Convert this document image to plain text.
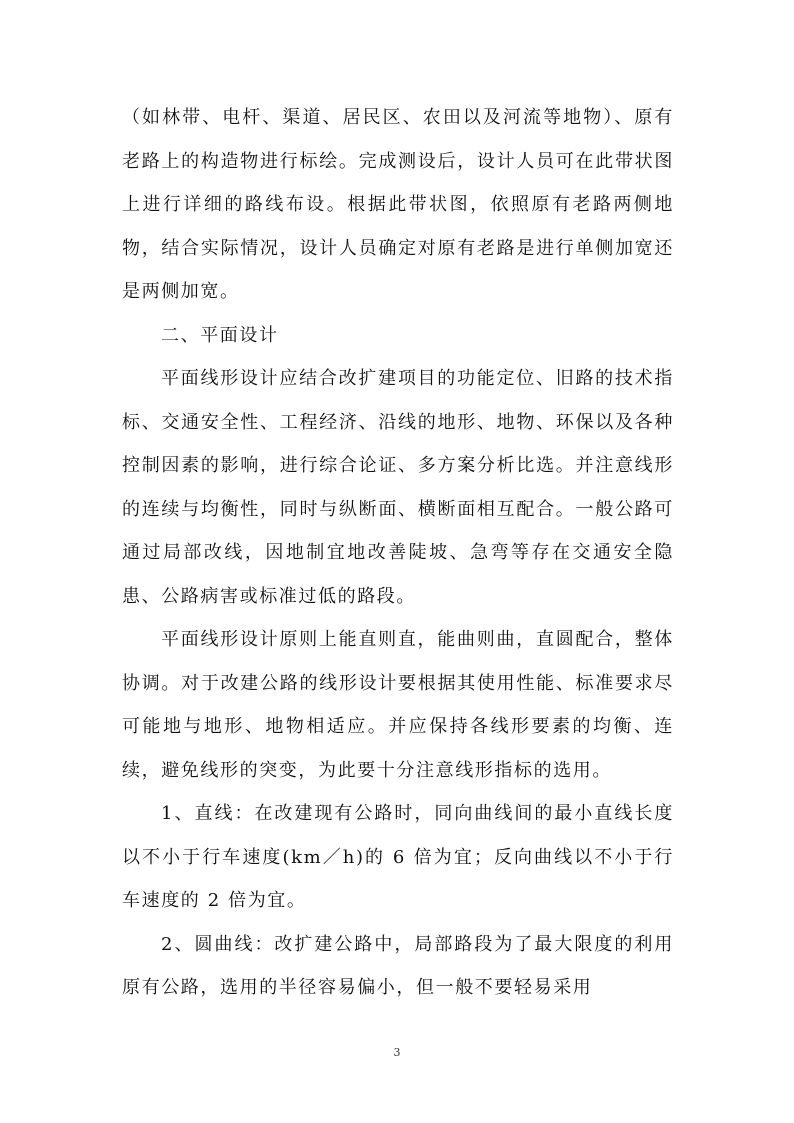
（如林带、电杆、渠道、居民区、农田以及河流等地物）、原有老路上的构造物进行标绘。完成测设后，设计人员可在此带状图上进行详细的路线布设。根据此带状图，依照原有老路两侧地物，结合实际情况，设计人员确定对原有老路是进行单侧加宽还是两侧加宽。

二、平面设计

平面线形设计应结合改扩建项目的功能定位、旧路的技术指标、交通安全性、工程经济、沿线的地形、地物、环保以及各种控制因素的影响，进行综合论证、多方案分析比选。并注意线形的连续与均衡性，同时与纵断面、横断面相互配合。一般公路可通过局部改线，因地制宜地改善陡坡、急弯等存在交通安全隐患、公路病害或标准过低的路段。

平面线形设计原则上能直则直，能曲则曲，直圆配合，整体协调。对于改建公路的线形设计要根据其使用性能、标准要求尽可能地与地形、地物相适应。并应保持各线形要素的均衡、连续，避免线形的突变，为此要十分注意线形指标的选用。

1、直线：在改建现有公路时，同向曲线间的最小直线长度以不小于行车速度(km／h)的 6 倍为宜；反向曲线以不小于行车速度的 2 倍为宜。

2、圆曲线：改扩建公路中，局部路段为了最大限度的利用原有公路，选用的半径容易偏小，但一般不要轻易采用

3
